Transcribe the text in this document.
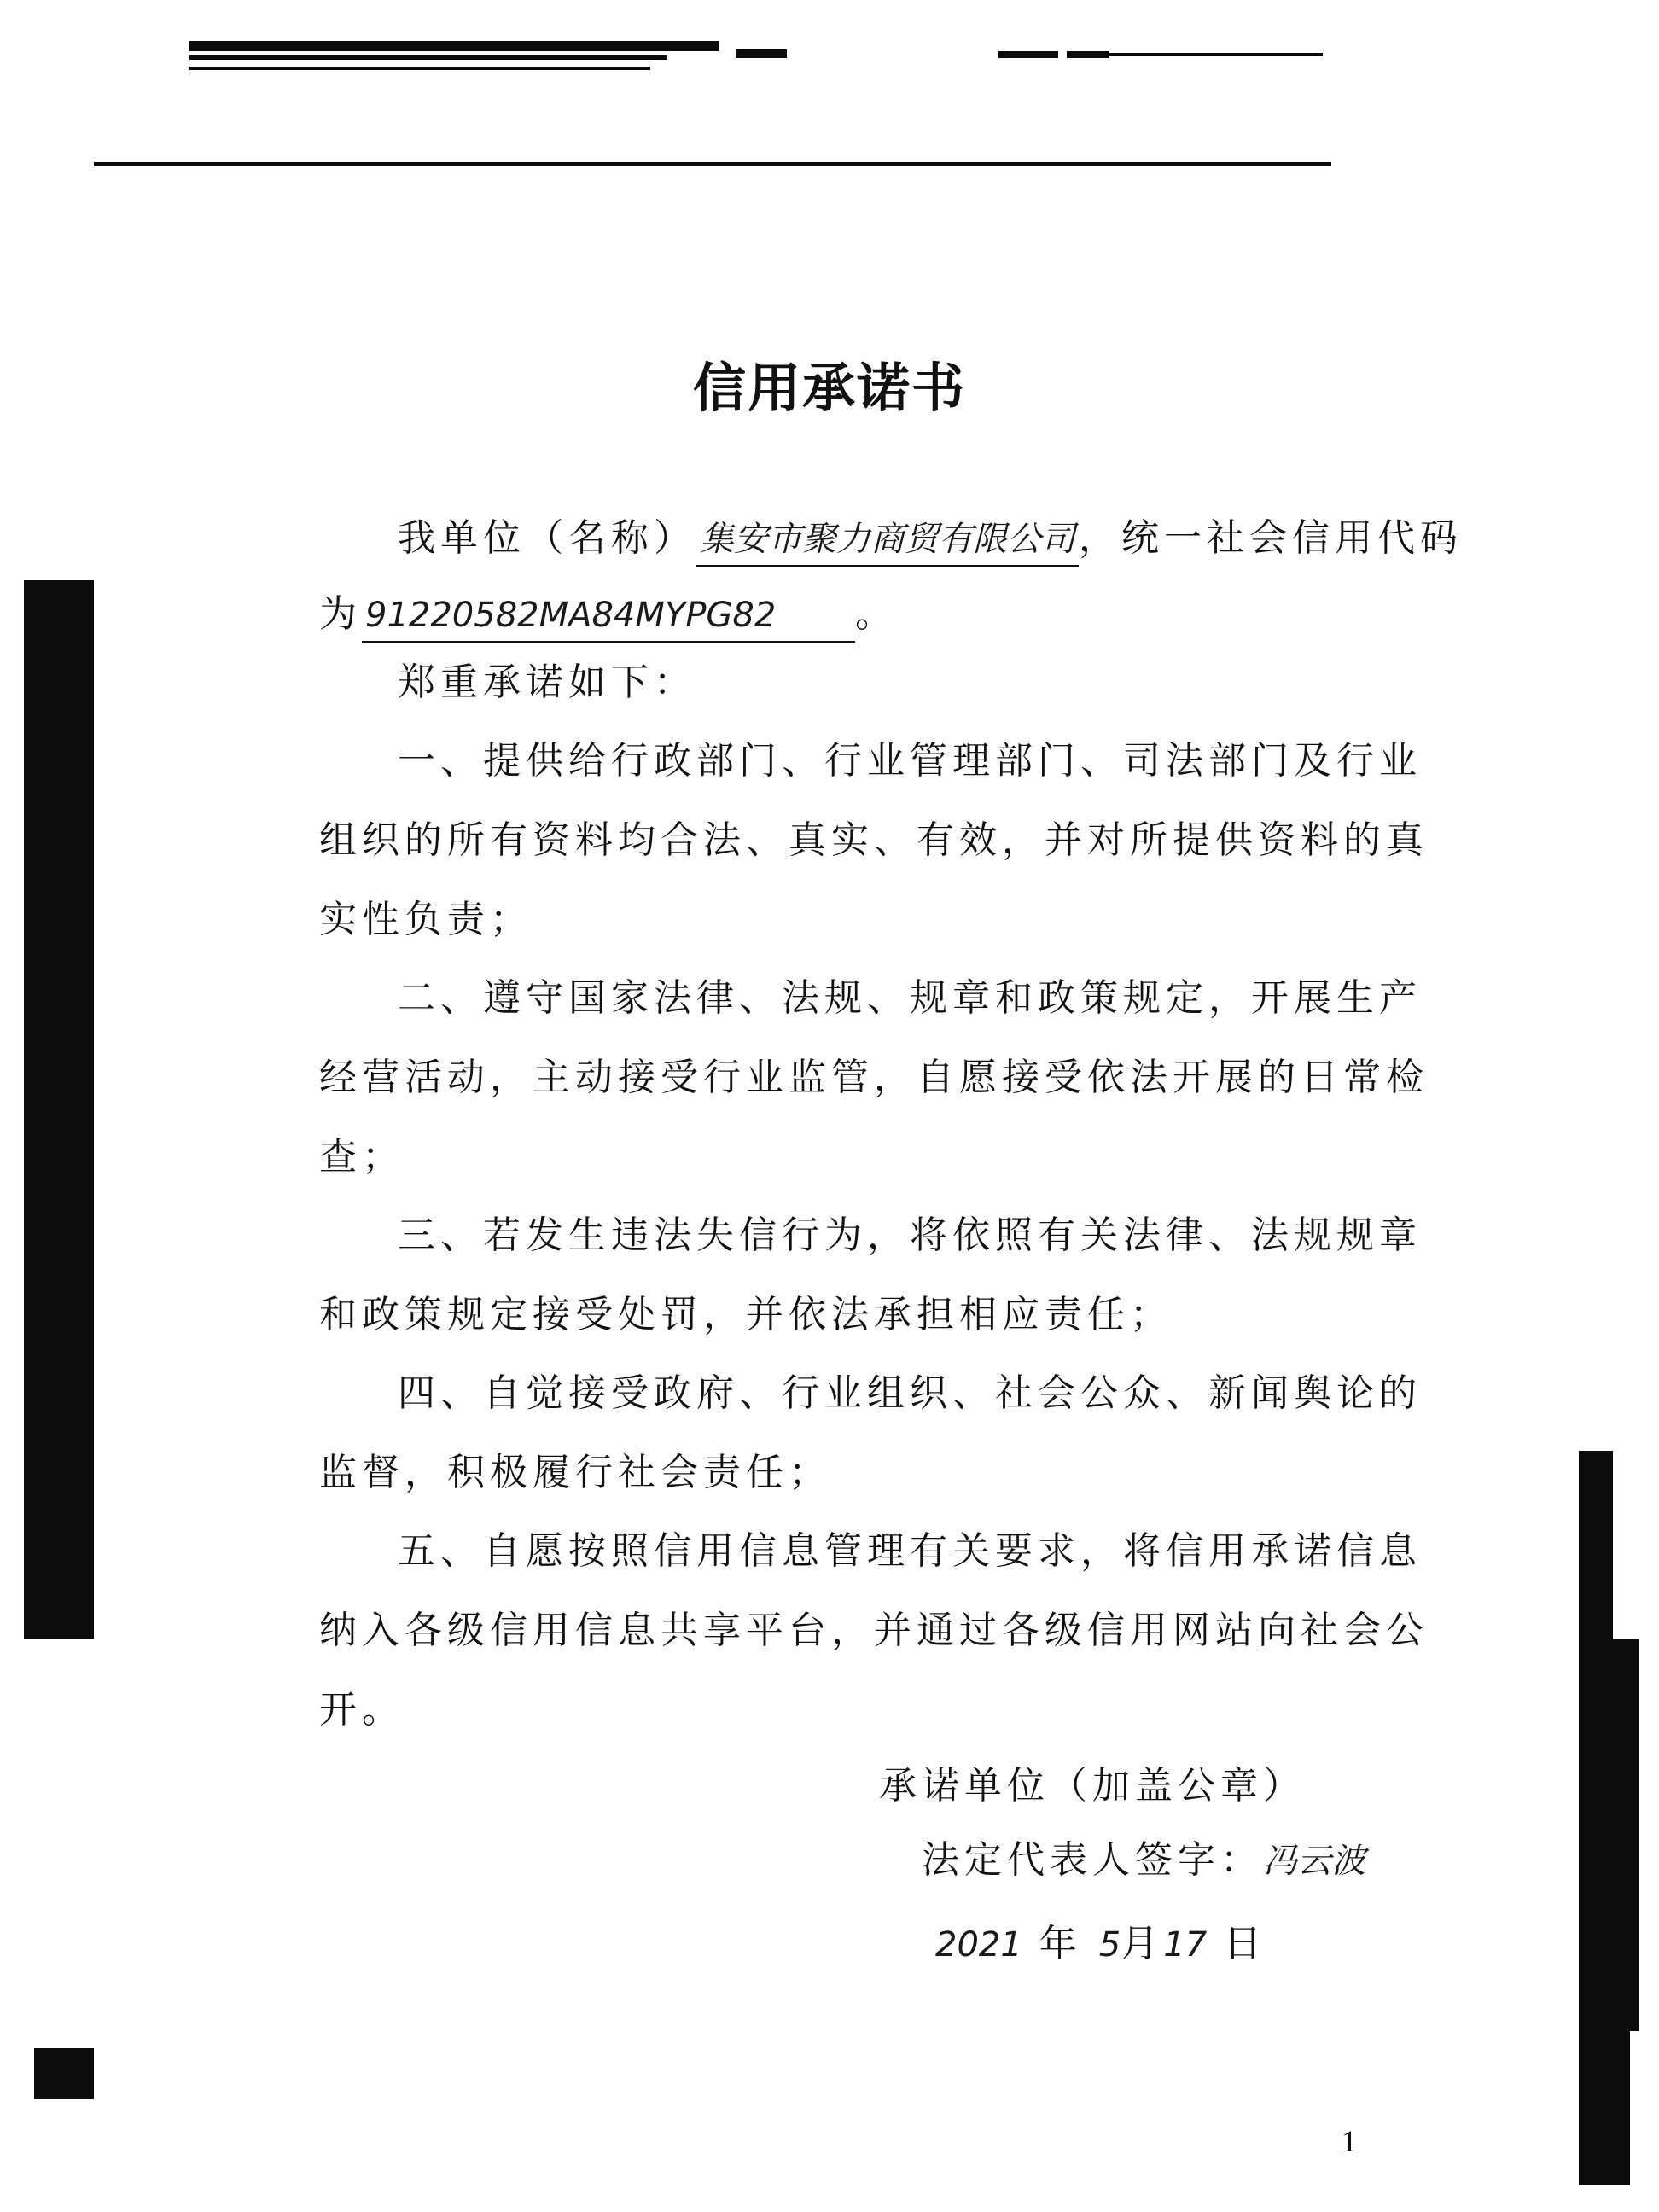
信用承诺书
我单位（名称） 集安市聚力商贸有限公司，统一社会信用代码
为 91220582MA84MYPG82 。
郑重承诺如下：
一、提供给行政部门、行业管理部门、司法部门及行业
组织的所有资料均合法、真实、有效，并对所提供资料的真
实性负责；
二、遵守国家法律、法规、规章和政策规定，开展生产
经营活动，主动接受行业监管，自愿接受依法开展的日常检
查；
三、若发生违法失信行为，将依照有关法律、法规规章
和政策规定接受处罚，并依法承担相应责任；
四、自觉接受政府、行业组织、社会公众、新闻舆论的
监督，积极履行社会责任；
五、自愿按照信用信息管理有关要求，将信用承诺信息
纳入各级信用信息共享平台，并通过各级信用网站向社会公
开。
承诺单位（加盖公章）
法定代表人签字：冯云波
2021 年 5月17 日
1
